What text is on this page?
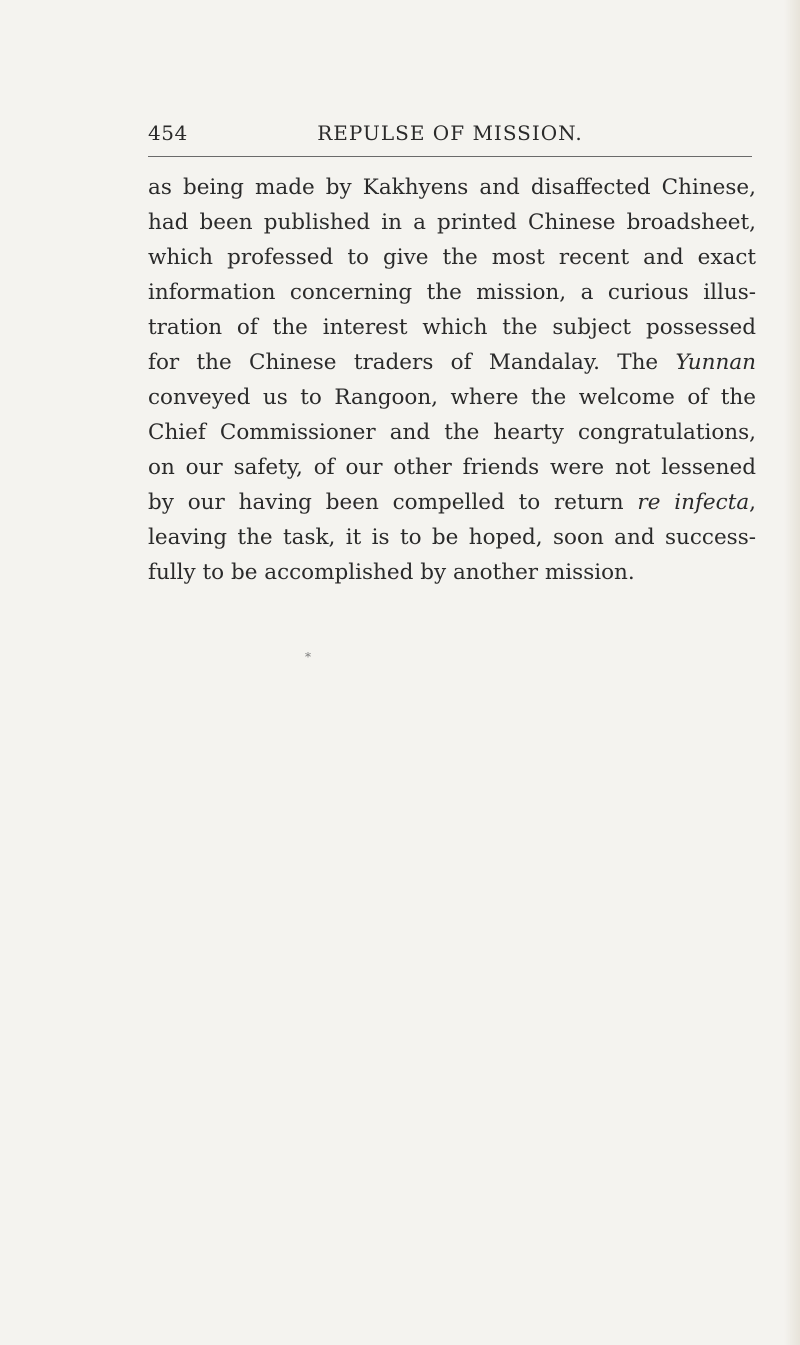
454	REPULSE OF MISSION.
as being made by Kakhyens and disaffected Chinese,
had been published in a printed Chinese broadsheet,
which professed to give the most recent and exact
information concerning the mission, a curious illus-
tration of the interest which the subject possessed
for the Chinese traders of Mandalay. The Yunnan
conveyed us to Rangoon, where the welcome of the
Chief Commissioner and the hearty congratulations,
on our safety, of our other friends were not lessened
by our having been compelled to return re infecta,
leaving the task, it is to be hoped, soon and success-
fully to be accomplished by another mission.
*
